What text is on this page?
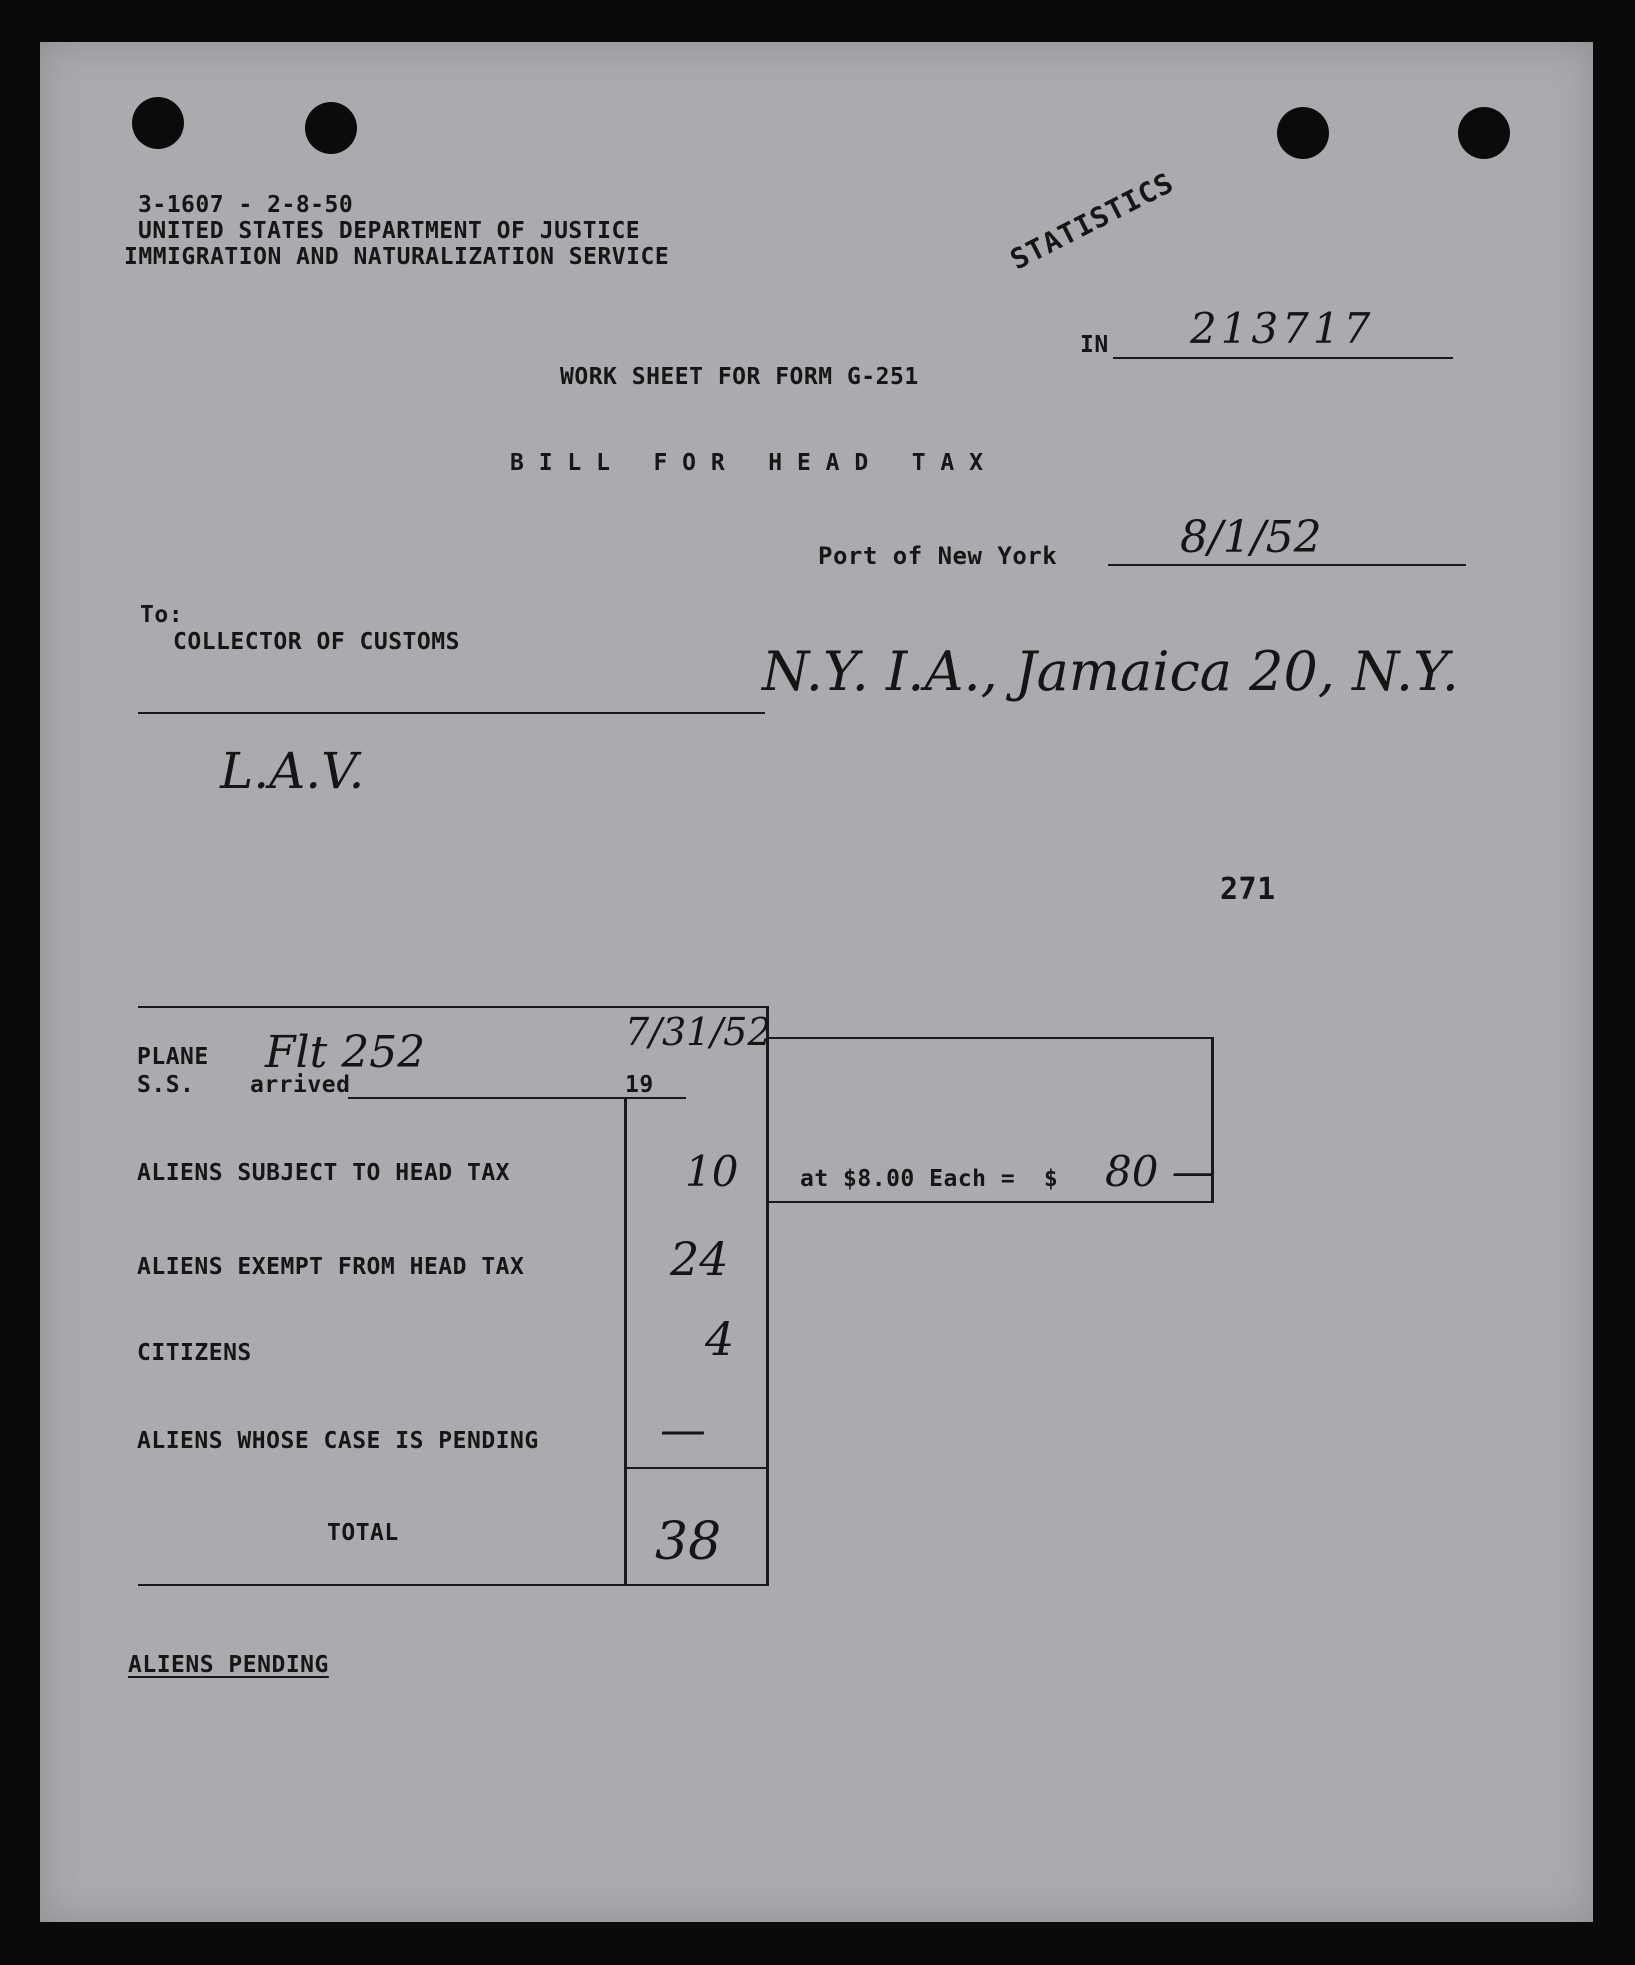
3-1607 - 2-8-50
UNITED STATES DEPARTMENT OF JUSTICE
IMMIGRATION AND NATURALIZATION SERVICE	STATISTICS
IN 213717
WORK SHEET FOR FORM G-251
B I L L   F O R   H E A D   T A X
Port of New York	8/1/52
To:
COLLECTOR OF CUSTOMS	N.Y. I.A., Jamaica 20, N.Y.
L.A.V.
271
at $8.00 Each =  $ 80 —
PLANE
S.S. arrived	19
Flt 252	7/31/52
ALIENS SUBJECT TO HEAD TAX	10
ALIENS EXEMPT FROM HEAD TAX	24
CITIZENS	4
ALIENS WHOSE CASE IS PENDING	—
TOTAL	38
ALIENS PENDING
